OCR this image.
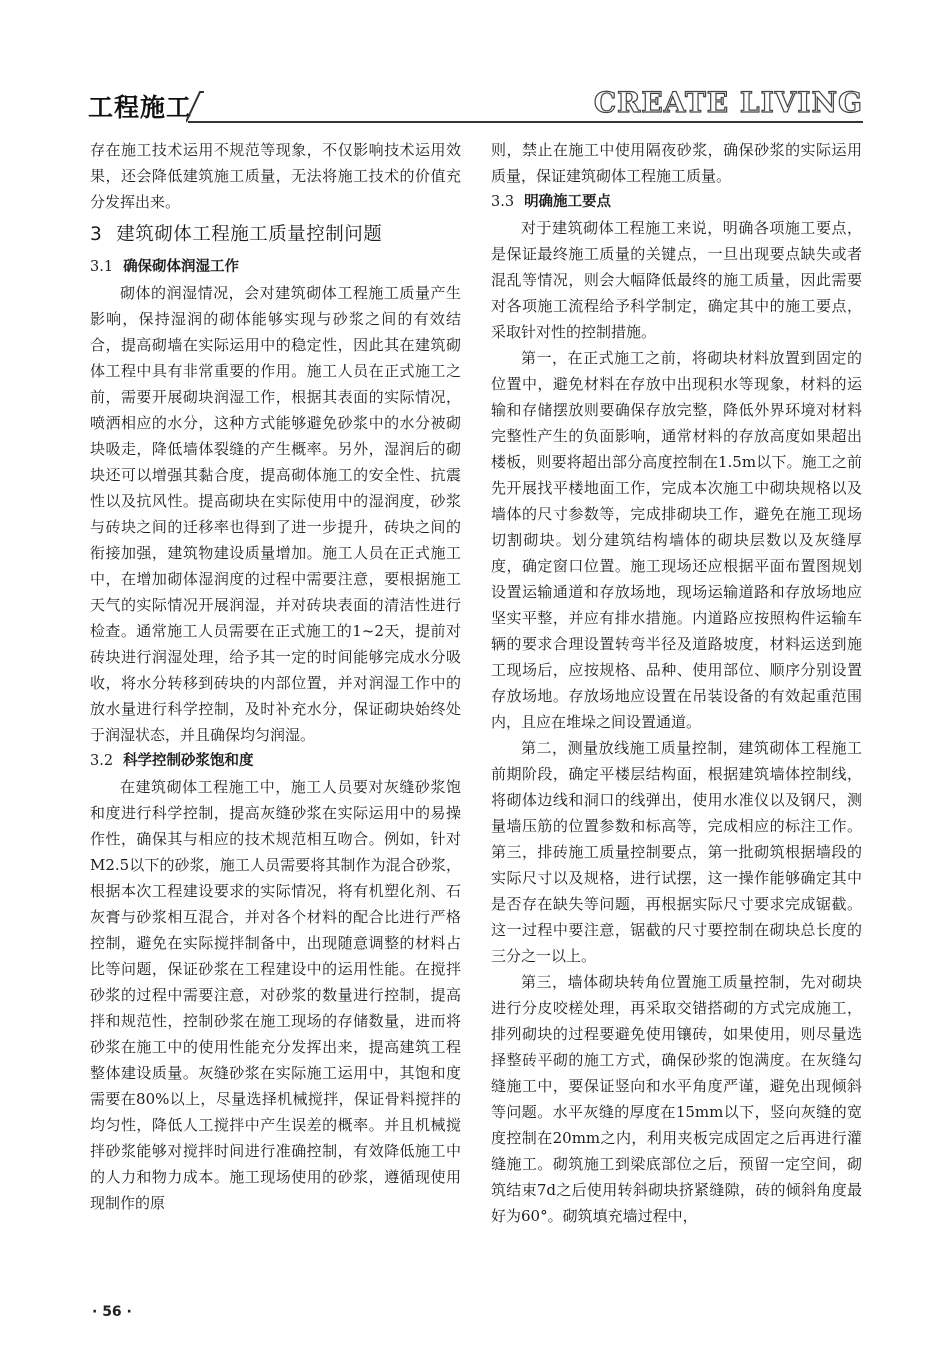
工程施工	CREATE LIVING

存在施工技术运用不规范等现象，不仅影响技术运用效果，还会降低建筑施工质量，无法将施工技术的价值充分发挥出来。

3 建筑砌体工程施工质量控制问题
3.1 确保砌体润湿工作

砌体的润湿情况，会对建筑砌体工程施工质量产生影响，保持湿润的砌体能够实现与砂浆之间的有效结合，提高砌墙在实际运用中的稳定性，因此其在建筑砌体工程中具有非常重要的作用。施工人员在正式施工之前，需要开展砌块润湿工作，根据其表面的实际情况，喷洒相应的水分，这种方式能够避免砂浆中的水分被砌块吸走，降低墙体裂缝的产生概率。另外，湿润后的砌块还可以增强其黏合度，提高砌体施工的安全性、抗震性以及抗风性。提高砌块在实际使用中的湿润度，砂浆与砖块之间的迁移率也得到了进一步提升，砖块之间的衔接加强，建筑物建设质量增加。施工人员在正式施工中，在增加砌体湿润度的过程中需要注意，要根据施工天气的实际情况开展润湿，并对砖块表面的清洁性进行检查。通常施工人员需要在正式施工的1~2天，提前对砖块进行润湿处理，给予其一定的时间能够完成水分吸收，将水分转移到砖块的内部位置，并对润湿工作中的放水量进行科学控制，及时补充水分，保证砌块始终处于润湿状态，并且确保均匀润湿。

3.2 科学控制砂浆饱和度

在建筑砌体工程施工中，施工人员要对灰缝砂浆饱和度进行科学控制，提高灰缝砂浆在实际运用中的易操作性，确保其与相应的技术规范相互吻合。例如，针对M2.5以下的砂浆，施工人员需要将其制作为混合砂浆，根据本次工程建设要求的实际情况，将有机塑化剂、石灰膏与砂浆相互混合，并对各个材料的配合比进行严格控制，避免在实际搅拌制备中，出现随意调整的材料占比等问题，保证砂浆在工程建设中的运用性能。在搅拌砂浆的过程中需要注意，对砂浆的数量进行控制，提高拌和规范性，控制砂浆在施工现场的存储数量，进而将砂浆在施工中的使用性能充分发挥出来，提高建筑工程整体建设质量。灰缝砂浆在实际施工运用中，其饱和度需要在80%以上，尽量选择机械搅拌，保证骨料搅拌的均匀性，降低人工搅拌中产生误差的概率。并且机械搅拌砂浆能够对搅拌时间进行准确控制，有效降低施工中的人力和物力成本。施工现场使用的砂浆，遵循现使用现制作的原

则，禁止在施工中使用隔夜砂浆，确保砂浆的实际运用质量，保证建筑砌体工程施工质量。

3.3 明确施工要点

对于建筑砌体工程施工来说，明确各项施工要点，是保证最终施工质量的关键点，一旦出现要点缺失或者混乱等情况，则会大幅降低最终的施工质量，因此需要对各项施工流程给予科学制定，确定其中的施工要点，采取针对性的控制措施。

第一，在正式施工之前，将砌块材料放置到固定的位置中，避免材料在存放中出现积水等现象，材料的运输和存储摆放则要确保存放完整，降低外界环境对材料完整性产生的负面影响，通常材料的存放高度如果超出楼板，则要将超出部分高度控制在1.5m以下。施工之前先开展找平楼地面工作，完成本次施工中砌块规格以及墙体的尺寸参数等，完成排砌块工作，避免在施工现场切割砌块。划分建筑结构墙体的砌块层数以及灰缝厚度，确定窗口位置。施工现场还应根据平面布置图规划设置运输通道和存放场地，现场运输道路和存放场地应坚实平整，并应有排水措施。内道路应按照构件运输车辆的要求合理设置转弯半径及道路坡度，材料运送到施工现场后，应按规格、品种、使用部位、顺序分别设置存放场地。存放场地应设置在吊装设备的有效起重范围内，且应在堆垛之间设置通道。

第二，测量放线施工质量控制，建筑砌体工程施工前期阶段，确定平楼层结构面，根据建筑墙体控制线，将砌体边线和洞口的线弹出，使用水准仪以及钢尺，测量墙压筋的位置参数和标高等，完成相应的标注工作。第三，排砖施工质量控制要点，第一批砌筑根据墙段的实际尺寸以及规格，进行试摆，这一操作能够确定其中是否存在缺失等问题，再根据实际尺寸要求完成锯截。这一过程中要注意，锯截的尺寸要控制在砌块总长度的三分之一以上。

第三，墙体砌块转角位置施工质量控制，先对砌块进行分皮咬槎处理，再采取交错搭砌的方式完成施工，排列砌块的过程要避免使用镶砖，如果使用，则尽量选择整砖平砌的施工方式，确保砂浆的饱满度。在灰缝勾缝施工中，要保证竖向和水平角度严谨，避免出现倾斜等问题。水平灰缝的厚度在15mm以下，竖向灰缝的宽度控制在20mm之内，利用夹板完成固定之后再进行灌缝施工。砌筑施工到梁底部位之后，预留一定空间，砌筑结束7d之后使用转斜砌块挤紧缝隙，砖的倾斜角度最好为60°。砌筑填充墙过程中，

· 56 ·
